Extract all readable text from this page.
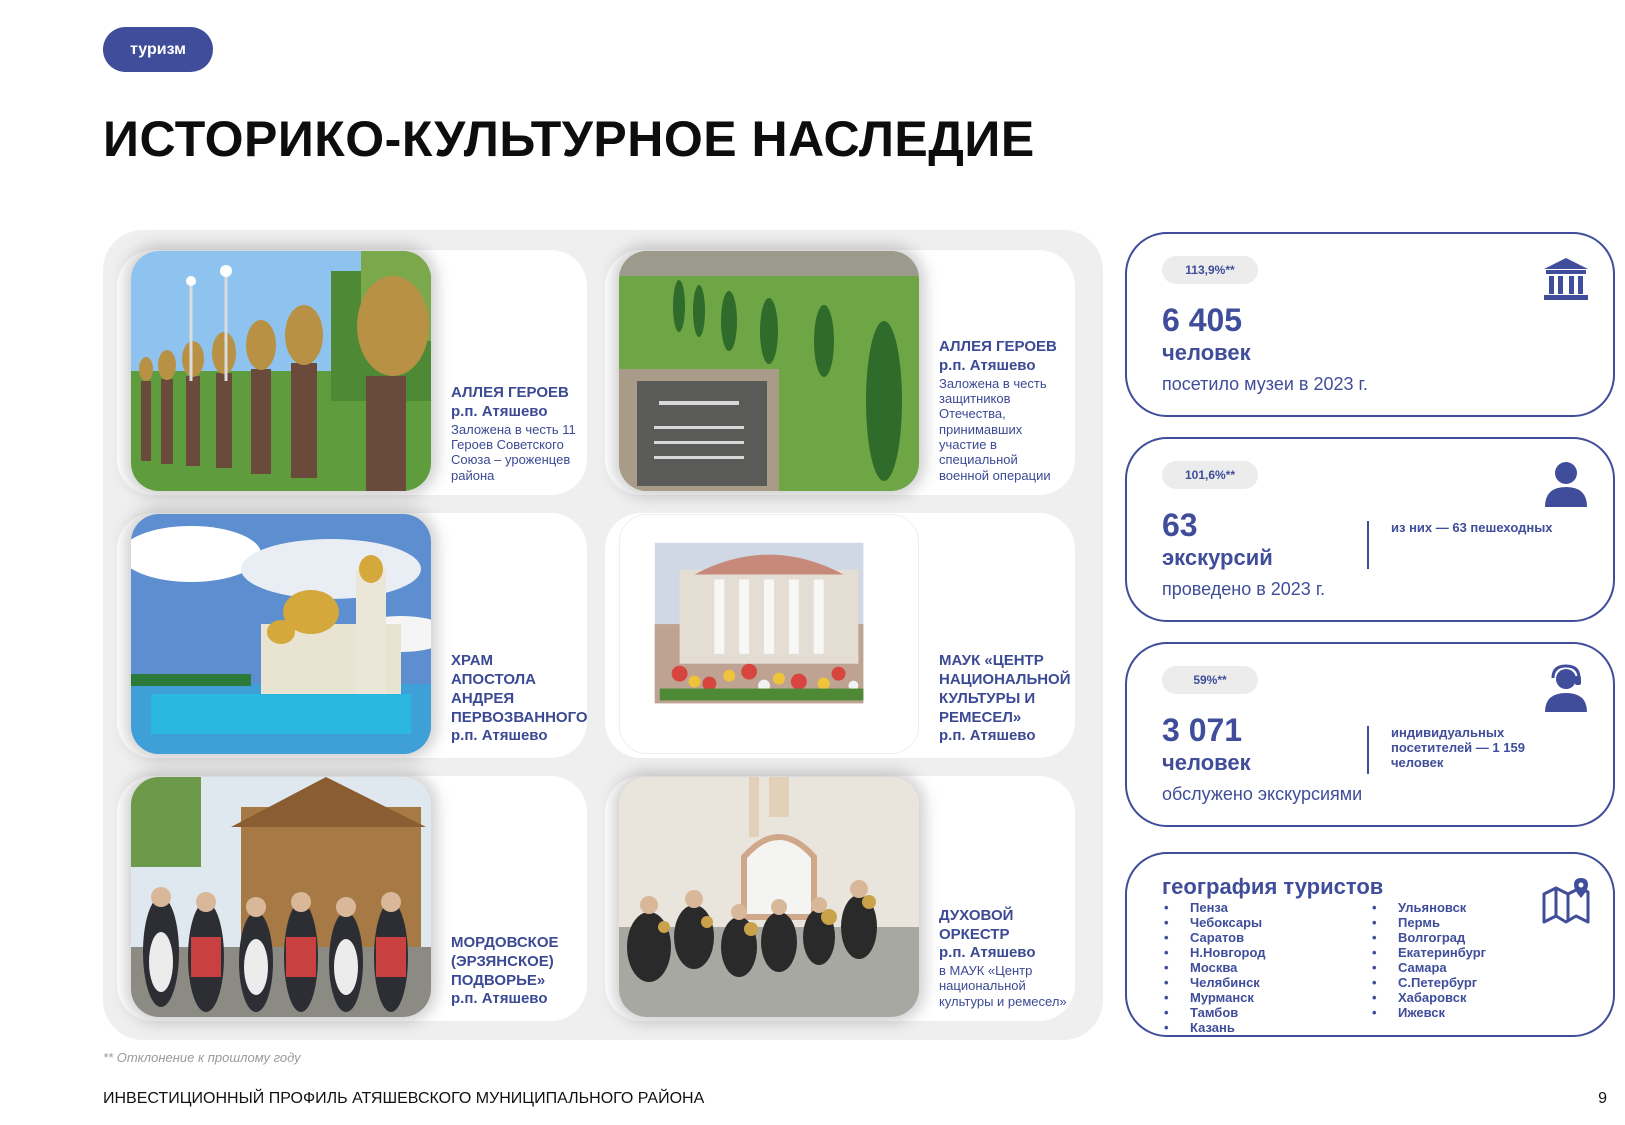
туризм
ИСТОРИКО-КУЛЬТУРНОЕ НАСЛЕДИЕ
АЛЛЕЯ ГЕРОЕВ
р.п. Атяшево
Заложена в честь 11 Героев Советского Союза – уроженцев района
АЛЛЕЯ ГЕРОЕВ
р.п. Атяшево
Заложена в честь защитников Отечества, принимавших участие в специальной военной операции
ХРАМ АПОСТОЛА АНДРЕЯ ПЕРВОЗВАННОГО
р.п. Атяшево
МАУК «ЦЕНТР НАЦИОНАЛЬНОЙ КУЛЬТУРЫ И РЕМЕСЕЛ»
р.п. Атяшево
МОРДОВСКОЕ (ЭРЗЯНСКОЕ) ПОДВОРЬЕ»
р.п. Атяшево
ДУХОВОЙ ОРКЕСТР
р.п. Атяшево
в МАУК «Центр национальной культуры и ремесел»
113,9%**
6 405
человек
посетило музеи в 2023 г.
101,6%**
63
экскурсий
проведено в 2023 г.
из них — 63 пешеходных
59%**
3 071
человек
обслужено экскурсиями
индивидуальных посетителей — 1 159 человек
география туристов
• Пенза
• Чебоксары
• Саратов
• Н.Новгород
• Москва
• Челябинск
• Мурманск
• Тамбов
• Казань
• Ульяновск
• Пермь
• Волгоград
• Екатеринбург
• Самара
• С.Петербург
• Хабаровск
• Ижевск
** Отклонение к прошлому году
ИНВЕСТИЦИОННЫЙ ПРОФИЛЬ АТЯШЕВСКОГО МУНИЦИПАЛЬНОГО РАЙОНА	9
